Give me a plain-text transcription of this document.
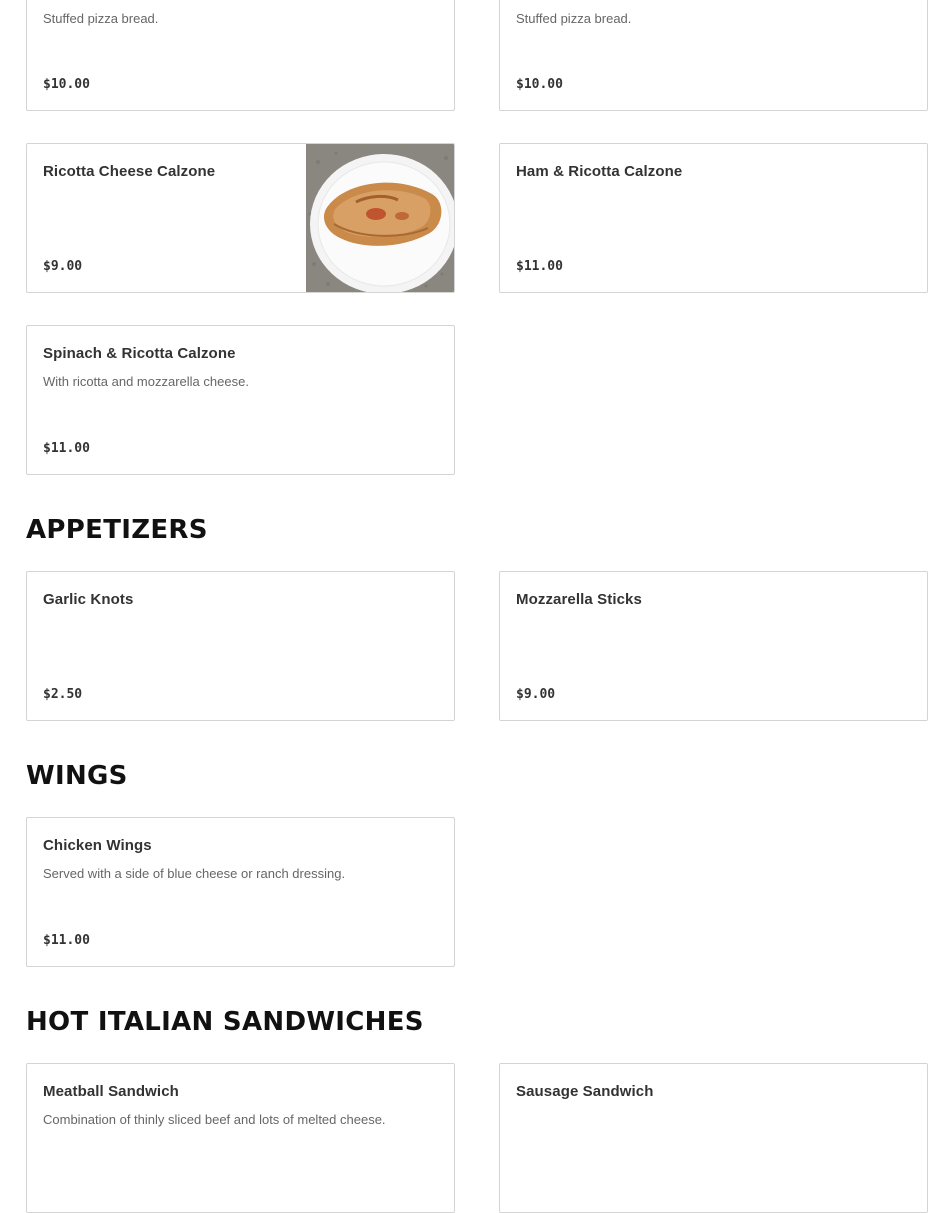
Stuffed pizza bread.
$10.00
Stuffed pizza bread.
$10.00
Ricotta Cheese Calzone
$9.00
Ham & Ricotta Calzone
$11.00
Spinach & Ricotta Calzone
With ricotta and mozzarella cheese.
$11.00
APPETIZERS
Garlic Knots
$2.50
Mozzarella Sticks
$9.00
WINGS
Chicken Wings
Served with a side of blue cheese or ranch dressing.
$11.00
HOT ITALIAN SANDWICHES
Meatball Sandwich
Combination of thinly sliced beef and lots of melted cheese.
Sausage Sandwich
